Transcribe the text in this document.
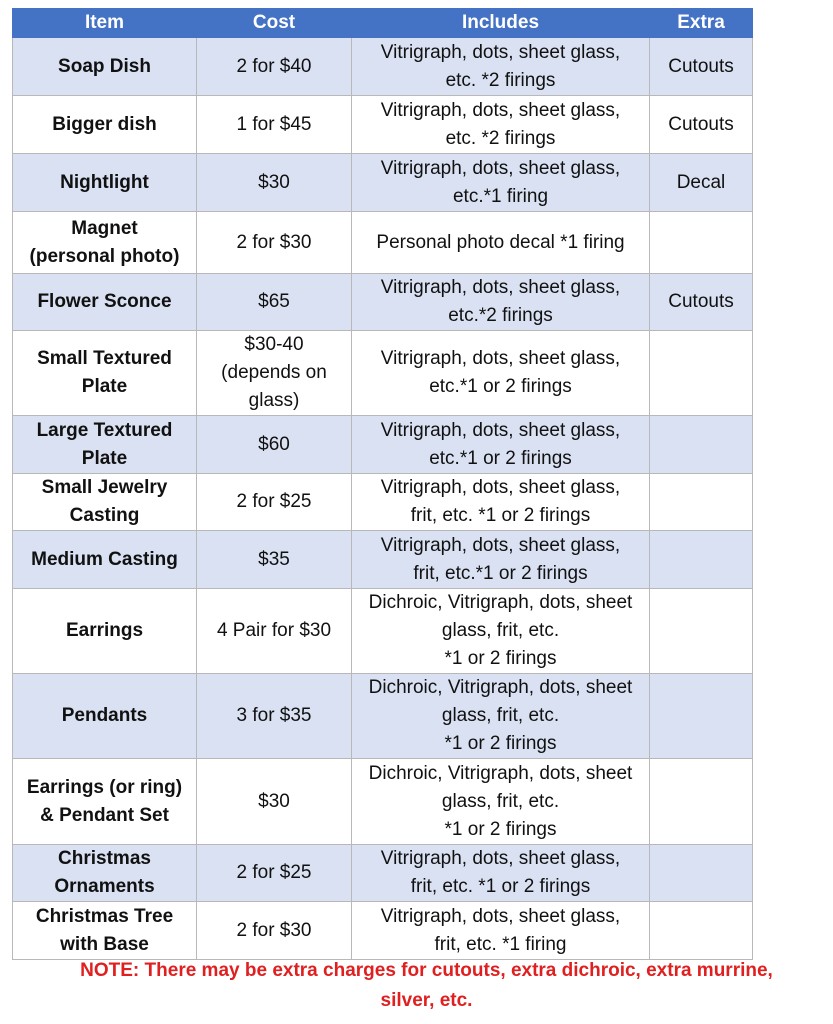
Item	Cost	Includes	Extra

Soap Dish	2 for $40	Vitrigraph, dots, sheet glass,
etc. *2 firings	Cutouts

Bigger dish	1 for $45	Vitrigraph, dots, sheet glass,
etc. *2 firings	Cutouts

Nightlight	$30	Vitrigraph, dots, sheet glass,
etc.*1 firing	Decal

Magnet
(personal photo)	2 for $30	Personal photo decal *1 firing	

Flower Sconce	$65	Vitrigraph, dots, sheet glass,
etc.*2 firings	Cutouts

Small Textured
Plate	$30-40
(depends on
glass)	Vitrigraph, dots, sheet glass,
etc.*1 or 2 firings	

Large Textured
Plate	$60	Vitrigraph, dots, sheet glass,
etc.*1 or 2 firings	

Small Jewelry
Casting	2 for $25	Vitrigraph, dots, sheet glass,
frit, etc. *1 or 2 firings	

Medium Casting	$35	Vitrigraph, dots, sheet glass,
frit, etc.*1 or 2 firings	

Earrings	4 Pair for $30	Dichroic, Vitrigraph, dots, sheet
glass, frit, etc.
*1 or 2 firings	

Pendants	3 for $35	Dichroic, Vitrigraph, dots, sheet
glass, frit, etc.
*1 or 2 firings	

Earrings (or ring)
& Pendant Set	$30	Dichroic, Vitrigraph, dots, sheet
glass, frit, etc.
*1 or 2 firings	

Christmas
Ornaments	2 for $25	Vitrigraph, dots, sheet glass,
frit, etc. *1 or 2 firings	

Christmas Tree
with Base	2 for $30	Vitrigraph, dots, sheet glass,
frit, etc. *1 firing	

NOTE: There may be extra charges for cutouts, extra dichroic, extra murrine,
silver, etc.
